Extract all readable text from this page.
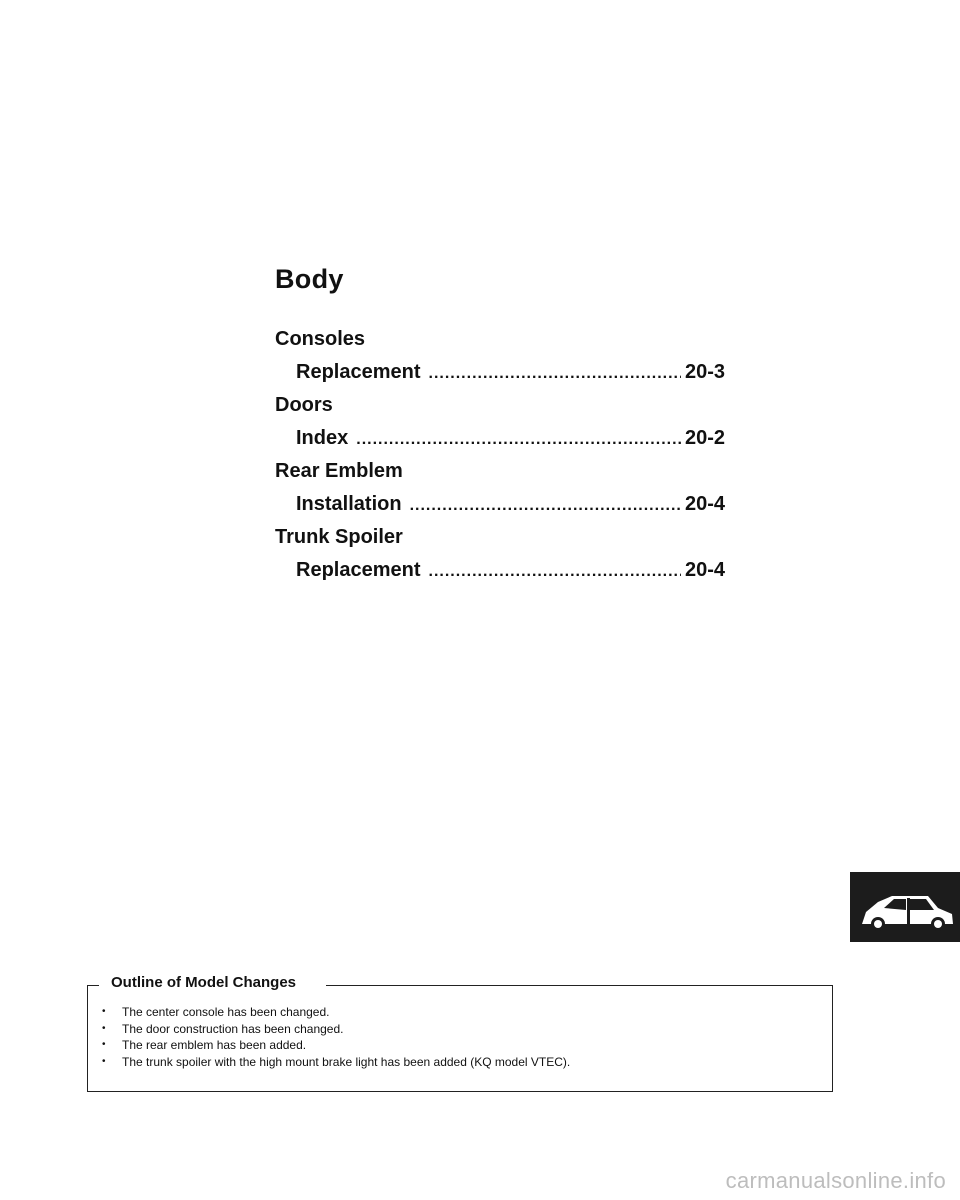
Body
Consoles
Replacement .....	20-3
Doors
Index .....	20-2
Rear Emblem
Installation .....	20-4
Trunk Spoiler
Replacement .....	20-4
Outline of Model Changes
• The center console has been changed.
• The door construction has been changed.
• The rear emblem has been added.
• The trunk spoiler with the high mount brake light has been added (KQ model VTEC).
carmanualsonline.info
